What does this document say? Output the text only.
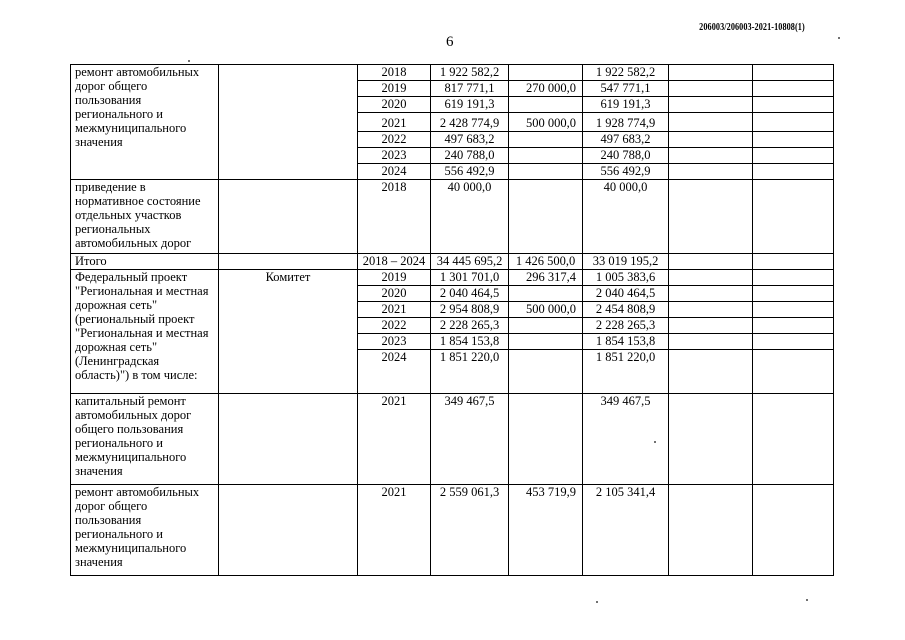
206003/206003-2021-10808(1)
6
ремонт автомобильных дорог общего пользования регионального и межмуниципального значения		2018	1 922 582,2		1 922 582,2		
		2019	817 771,1	270 000,0	547 771,1		
		2020	619 191,3		619 191,3		
		2021	2 428 774,9	500 000,0	1 928 774,9		
		2022	497 683,2		497 683,2		
		2023	240 788,0		240 788,0		
		2024	556 492,9		556 492,9		
приведение в нормативное состояние отдельных участков региональных автомобильных дорог		2018	40 000,0		40 000,0		
Итого		2018 – 2024	34 445 695,2	1 426 500,0	33 019 195,2		
Федеральный проект "Региональная и местная дорожная сеть" (региональный проект "Региональная и местная дорожная сеть" (Ленинградская область)") в том числе:	Комитет	2019	1 301 701,0	296 317,4	1 005 383,6		
		2020	2 040 464,5		2 040 464,5		
		2021	2 954 808,9	500 000,0	2 454 808,9		
		2022	2 228 265,3		2 228 265,3		
		2023	1 854 153,8		1 854 153,8		
		2024	1 851 220,0		1 851 220,0		
капитальный ремонт автомобильных дорог общего пользования регионального и межмуниципального значения		2021	349 467,5		349 467,5		
ремонт автомобильных дорог общего пользования регионального и межмуниципального значения		2021	2 559 061,3	453 719,9	2 105 341,4		
